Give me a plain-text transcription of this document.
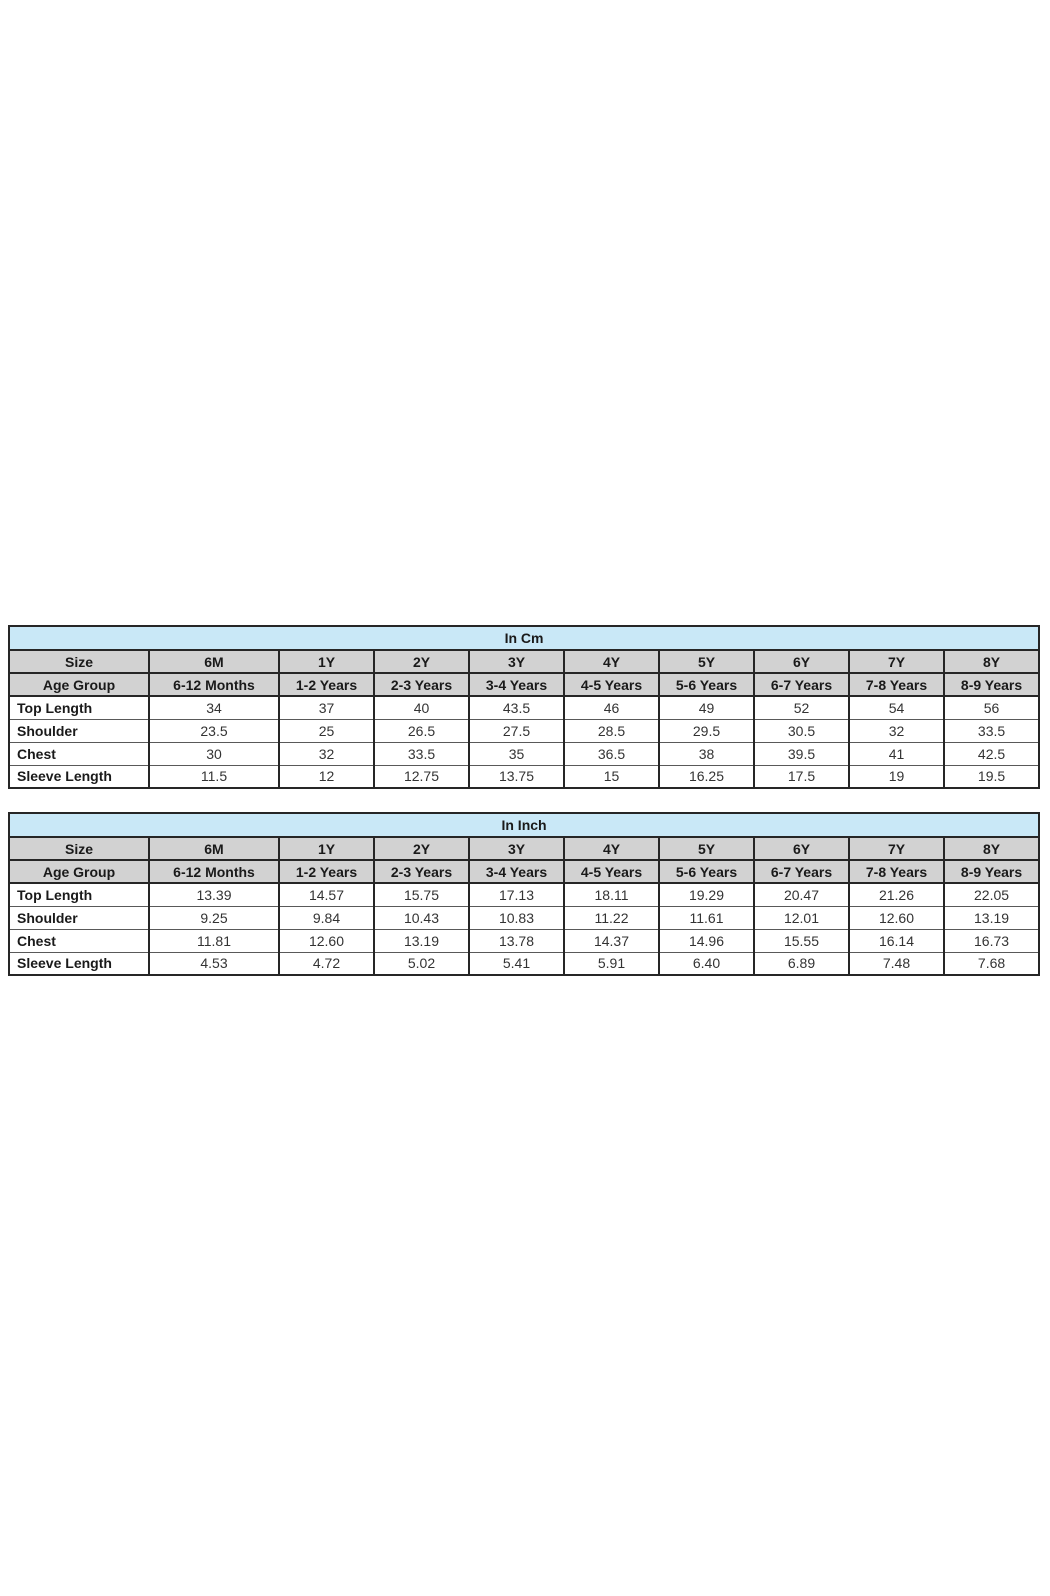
In Cm									
Size	6M	1Y	2Y	3Y	4Y	5Y	6Y	7Y	8Y
Age Group	6-12 Months	1-2 Years	2-3 Years	3-4 Years	4-5 Years	5-6 Years	6-7 Years	7-8 Years	8-9 Years
Top Length	34	37	40	43.5	46	49	52	54	56
Shoulder	23.5	25	26.5	27.5	28.5	29.5	30.5	32	33.5
Chest	30	32	33.5	35	36.5	38	39.5	41	42.5
Sleeve Length	11.5	12	12.75	13.75	15	16.25	17.5	19	19.5
In Inch									
Size	6M	1Y	2Y	3Y	4Y	5Y	6Y	7Y	8Y
Age Group	6-12 Months	1-2 Years	2-3 Years	3-4 Years	4-5 Years	5-6 Years	6-7 Years	7-8 Years	8-9 Years
Top Length	13.39	14.57	15.75	17.13	18.11	19.29	20.47	21.26	22.05
Shoulder	9.25	9.84	10.43	10.83	11.22	11.61	12.01	12.60	13.19
Chest	11.81	12.60	13.19	13.78	14.37	14.96	15.55	16.14	16.73
Sleeve Length	4.53	4.72	5.02	5.41	5.91	6.40	6.89	7.48	7.68
